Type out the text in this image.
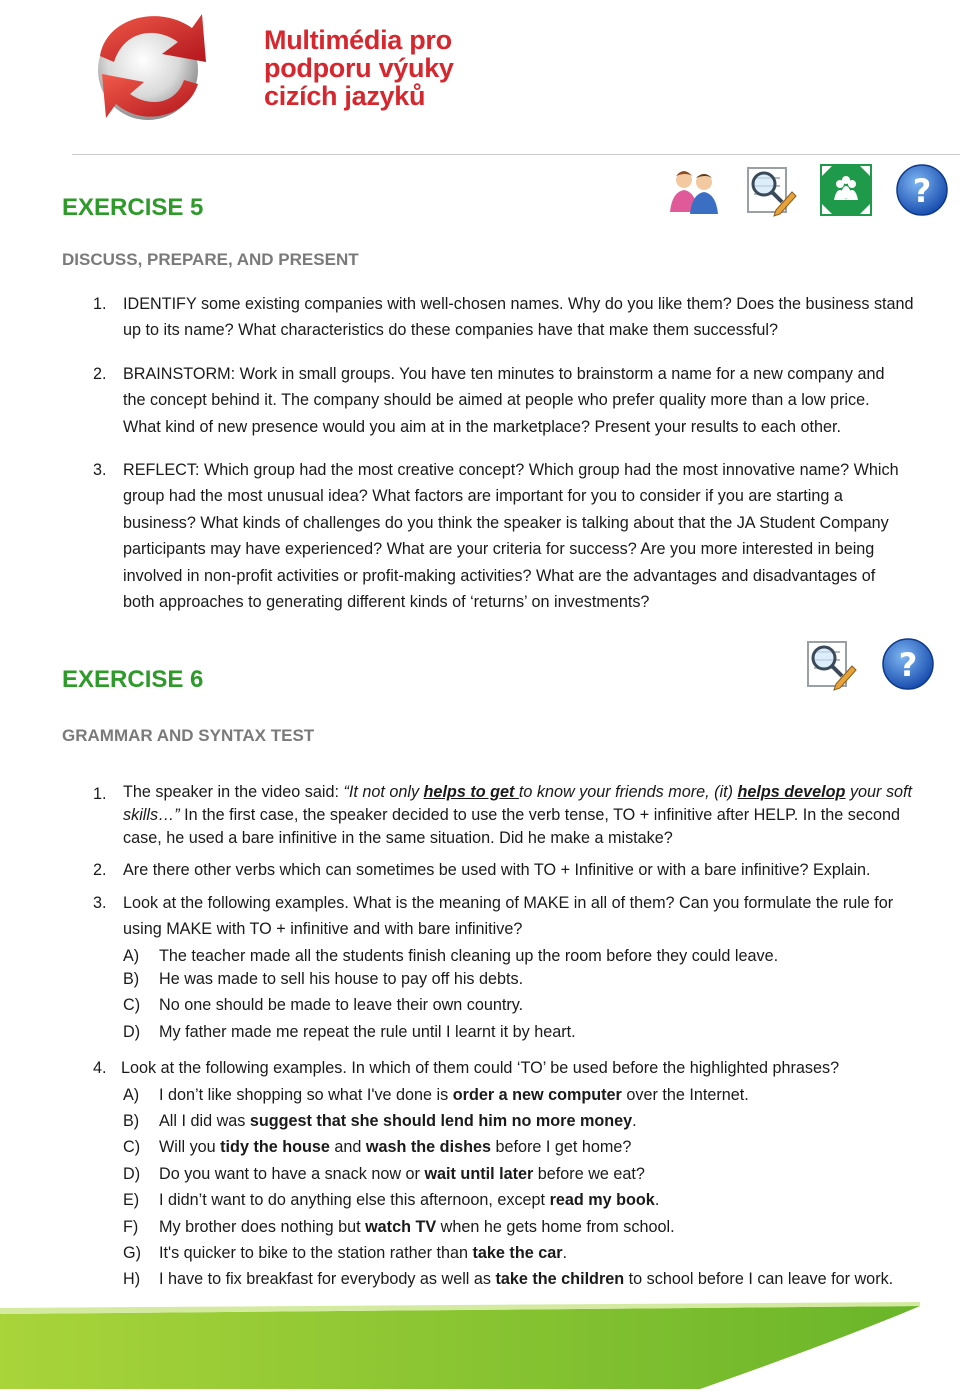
Multimédia pro
podporu výuky
cizích jazyků
EXERCISE 5
DISCUSS, PREPARE, AND PRESENT
?
1. IDENTIFY some existing companies with well-chosen names. Why do you like them? Does the business stand
up to its name? What characteristics do these companies have that make them successful?
2. BRAINSTORM: Work in small groups. You have ten minutes to brainstorm a name for a new company and
the concept behind it. The company should be aimed at people who prefer quality more than a low price.
What kind of new presence would you aim at in the marketplace? Present your results to each other.
3. REFLECT: Which group had the most creative concept? Which group had the most innovative name? Which
group had the most unusual idea? What factors are important for you to consider if you are starting a
business? What kinds of challenges do you think the speaker is talking about that the JA Student Company
participants may have experienced? What are your criteria for success? Are you more interested in being
involved in non-profit activities or profit-making activities? What are the advantages and disadvantages of
both approaches to generating different kinds of ‘returns’ on investments?
EXERCISE 6
GRAMMAR AND SYNTAX TEST
?
1. The speaker in the video said: “It not only helps to get to know your friends more, (it) helps develop your soft
skills…” In the first case, the speaker decided to use the verb tense, TO + infinitive after HELP. In the second
case, he used a bare infinitive in the same situation. Did he make a mistake?
2. Are there other verbs which can sometimes be used with TO + Infinitive or with a bare infinitive? Explain.
3. Look at the following examples. What is the meaning of MAKE in all of them? Can you formulate the rule for
using MAKE with TO + infinitive and with bare infinitive?
A) The teacher made all the students finish cleaning up the room before they could leave.
B) He was made to sell his house to pay off his debts.
C) No one should be made to leave their own country.
D) My father made me repeat the rule until I learnt it by heart.
4. Look at the following examples. In which of them could ‘TO’ be used before the highlighted phrases?
A) I don’t like shopping so what I've done is order a new computer over the Internet.
B) All I did was suggest that she should lend him no more money.
C) Will you tidy the house and wash the dishes before I get home?
D) Do you want to have a snack now or wait until later before we eat?
E) I didn’t want to do anything else this afternoon, except read my book.
F) My brother does nothing but watch TV when he gets home from school.
G) It's quicker to bike to the station rather than take the car.
H) I have to fix breakfast for everybody as well as take the children to school before I can leave for work.
